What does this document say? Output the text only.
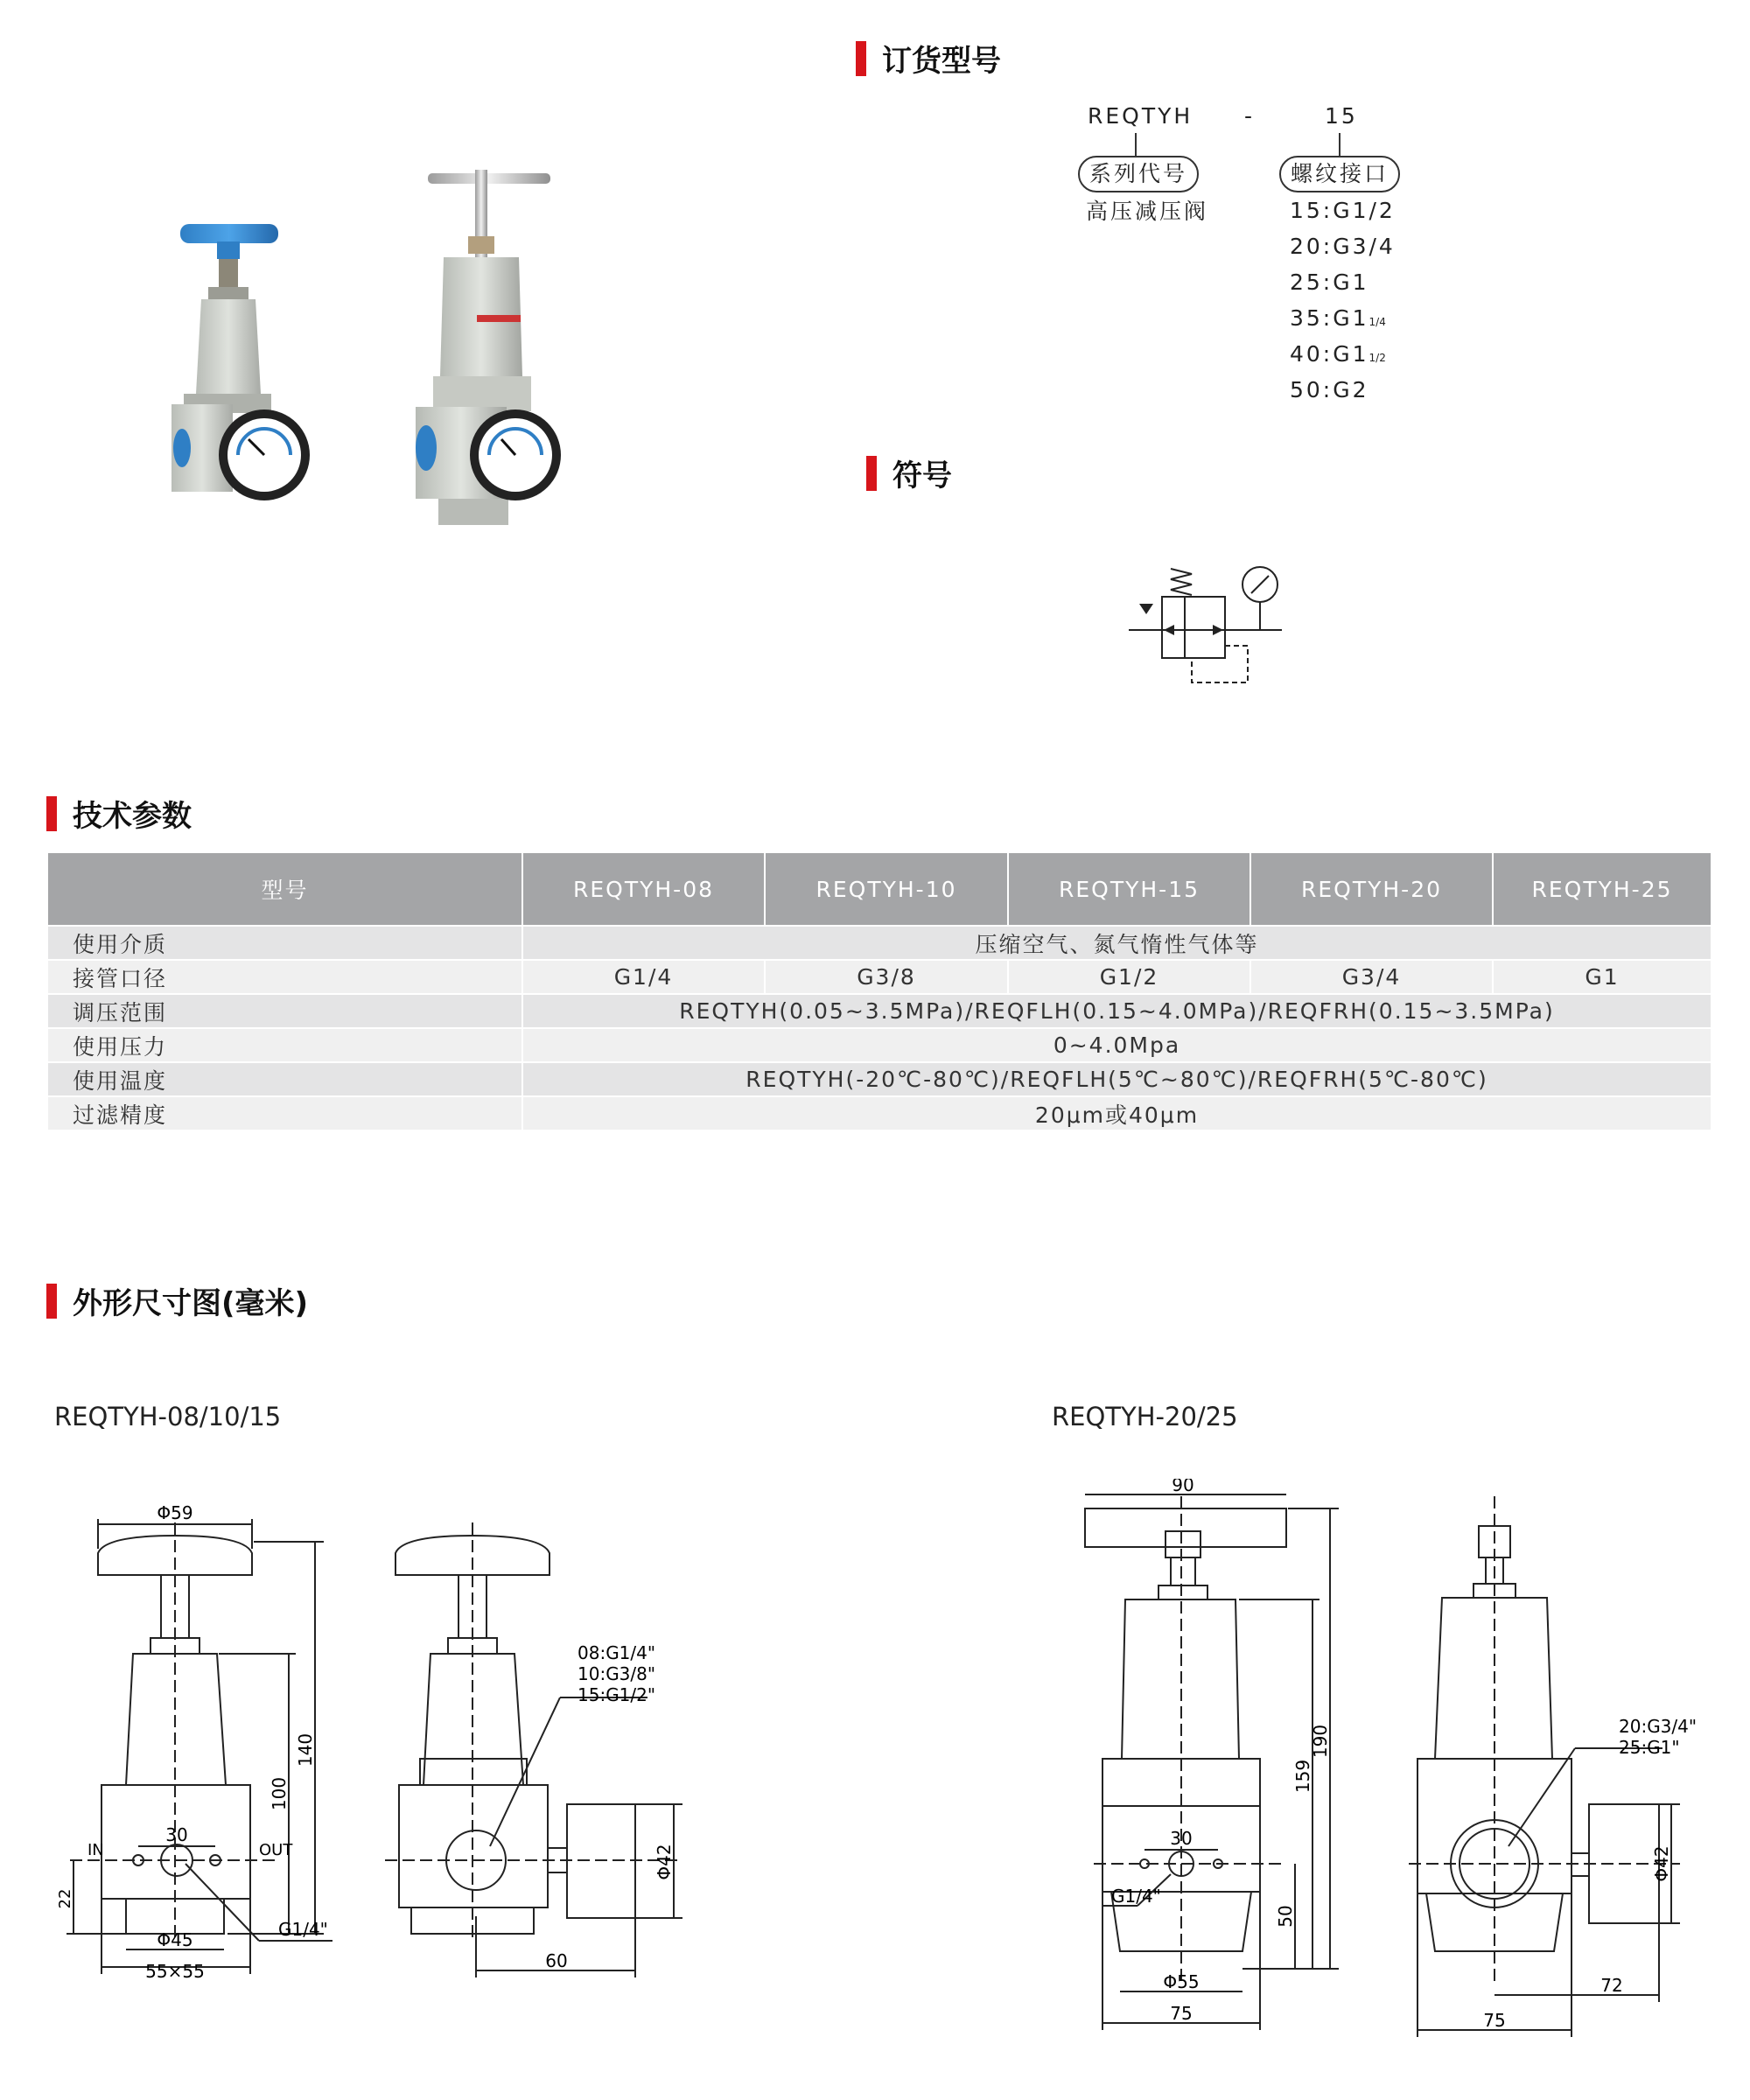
订货型号
REQTYH -	15
系列代号
高压减压阀
螺纹接口
15:G1/2
20:G3/4
25:G1
35:G11/4
40:G11/2
50:G2
符号
技术参数
型号	REQTYH-08	REQTYH-10	REQTYH-15	REQTYH-20	REQTYH-25
使用介质	压缩空气、氮气惰性气体等				
接管口径	G1/4	G3/8	G1/2	G3/4	G1
调压范围	REQTYH(0.05~3.5MPa)/REQFLH(0.15~4.0MPa)/REQFRH(0.15~3.5MPa)				
使用压力	0~4.0Mpa				
使用温度	REQTYH(-20℃-80℃)/REQFLH(5℃~80℃)/REQFRH(5℃-80℃)				
过滤精度	20μm或40μm				
外形尺寸图(毫米)
REQTYH-08/10/15	REQTYH-20/25
Φ59
140
100
30
IN	OUT
22
Φ45
55×55
G1/4"
08:G1/4"
10:G3/8"
15:G1/2"
Φ42
60
90
190
159
30
G1/4"
50
Φ55
75
20:G3/4"
25:G1"
Φ42
72
75
